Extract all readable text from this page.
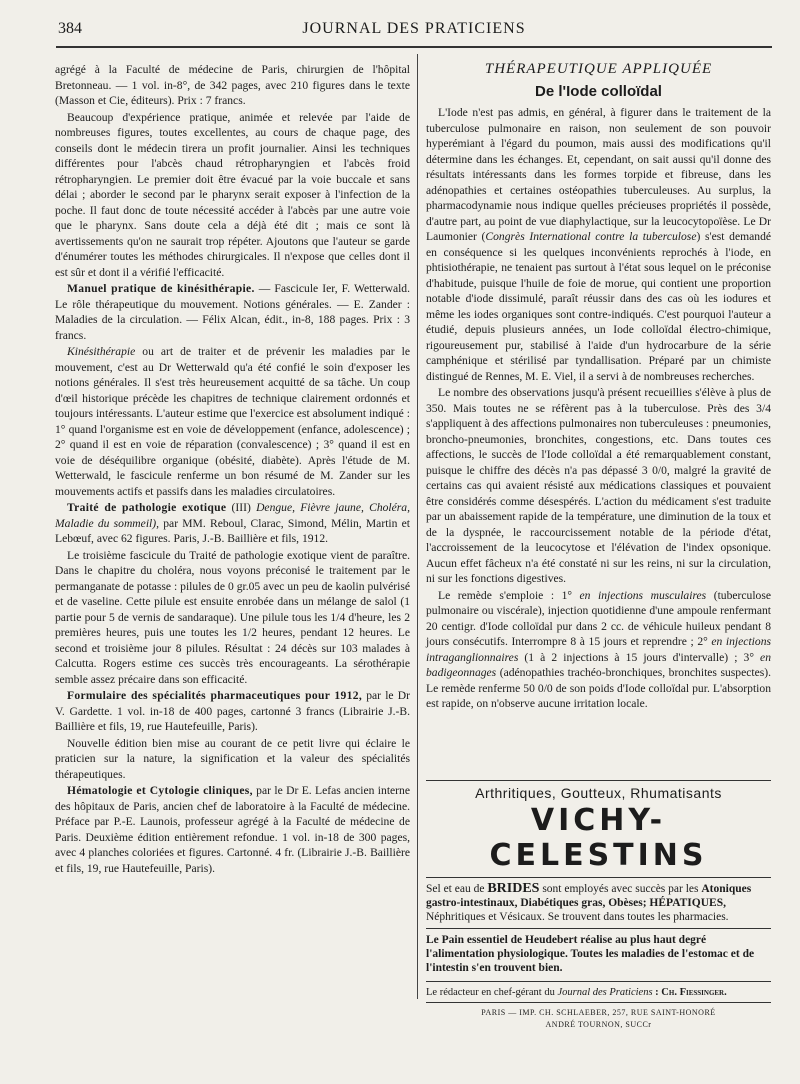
384	JOURNAL DES PRATICIENS

agrégé à la Faculté de médecine de Paris, chirurgien de l'hôpital Bretonneau. — 1 vol. in-8°, de 342 pages, avec 210 figures dans le texte (Masson et Cie, éditeurs). Prix : 7 francs.

Beaucoup d'expérience pratique, animée et relevée par l'aide de nombreuses figures, toutes excellentes, au cours de chaque page, des conseils dont le médecin tirera un profit journalier. Ainsi les techniques différentes pour l'abcès chaud rétropharyngien et l'abcès froid rétropharyngien. Le premier doit être évacué par la voie buccale et sans délai ; aborder le second par le pharynx serait exposer à l'infection de la poche. Il faut donc de toute nécessité accéder à l'abcès par une autre voie que le pharynx. Sans doute cela a déjà été dit ; mais ce sont là avertissements qu'on ne saurait trop répéter. Ajoutons que l'auteur se garde d'énumérer toutes les méthodes chirurgicales. Il n'expose que celles dont il est sûr et dont il a vérifié l'efficacité.

Manuel pratique de kinésithérapie. — Fascicule Ier, F. Wetterwald. Le rôle thérapeutique du mouvement. Notions générales. — E. Zander : Maladies de la circulation. — Félix Alcan, édit., in-8, 188 pages. Prix : 3 francs.

Kinésithérapie ou art de traiter et de prévenir les maladies par le mouvement, c'est au Dr Wetterwald qu'a été confié le soin d'exposer les notions générales. Il s'est très heureusement acquitté de sa tâche. Un coup d'œil historique précède les chapitres de technique clairement ordonnés et toujours intéressants. L'auteur estime que l'exercice est absolument indiqué : 1° quand l'organisme est en voie de développement (enfance, adolescence) ; 2° quand il est en voie de réparation (convalescence) ; 3° quand il est en voie de déséquilibre organique (obésité, diabète). Après l'étude de M. Wetterwald, le fascicule renferme un bon résumé de M. Zander sur les mouvements actifs et passifs dans les maladies circulatoires.

Traité de pathologie exotique (III) Dengue, Fièvre jaune, Choléra, Maladie du sommeil), par MM. Reboul, Clarac, Simond, Mélin, Martin et Lebœuf, avec 62 figures. Paris, J.-B. Baillière et fils, 1912.

Le troisième fascicule du Traité de pathologie exotique vient de paraître. Dans le chapitre du choléra, nous voyons préconisé le traitement par le permanganate de potasse : pilules de 0 gr.05 avec un peu de kaolin pulvérisé et de vaseline. Cette pilule est ensuite enrobée dans un mélange de salol (1 partie pour 5 de vernis de sandaraque). Une pilule tous les 1/4 d'heure, les 2 premières heures, puis une toutes les 1/2 heures, pendant 12 heures. Le second et troisième jour 8 pilules. Résultat : 24 décès sur 103 malades à Calcutta. Rogers estime ces succès très encourageants. La sérothérapie semble assez précaire dans son efficacité.

Formulaire des spécialités pharmaceutiques pour 1912, par le Dr V. Gardette. 1 vol. in-18 de 400 pages, cartonné 3 francs (Librairie J.-B. Baillière et fils, 19, rue Hautefeuille, Paris).

Nouvelle édition bien mise au courant de ce petit livre qui éclaire le praticien sur la nature, la signification et la valeur des spécialités thérapeutiques.

Hématologie et Cytologie cliniques, par le Dr E. Lefas ancien interne des hôpitaux de Paris, ancien chef de laboratoire à la Faculté de médecine. Préface par P.-E. Launois, professeur agrégé à la Faculté de médecine de Paris. Deuxième édition entièrement refondue. 1 vol. in-18 de 300 pages, avec 4 planches coloriées et figures. Cartonné. 4 fr. (Librairie J.-B. Baillière et fils, 19, rue Hautefeuille, Paris).

THÉRAPEUTIQUE APPLIQUÉE
De l'Iode colloïdal

L'Iode n'est pas admis, en général, à figurer dans le traitement de la tuberculose pulmonaire en raison, non seulement de son pouvoir hyperémiant à l'égard du poumon, mais aussi des modifications qu'il détermine dans les échanges. Et, cependant, on sait aussi qu'il donne des résultats intéressants dans les formes torpide et fibreuse, dans les adénopathies et certaines ostéopathies tuberculeuses. Au surplus, la pharmacodynamie nous indique quelles précieuses propriétés il possède, d'autre part, au point de vue diaphylactique, sur la leucocytopoïèse. Le Dr Laumonier (Congrès International contre la tuberculose) s'est demandé en conséquence si les quelques inconvénients reprochés à l'iode, en phtisiothérapie, ne tenaient pas surtout à l'état sous lequel on le préconise d'habitude, puisque l'huile de foie de morue, qui contient une proportion notable d'iode dissimulé, paraît réussir dans des cas où les iodures et même les iodes organiques sont contre-indiqués. C'est pourquoi l'auteur a étudié, depuis plusieurs années, un Iode colloïdal électro-chimique, rigoureusement pur, stabilisé à l'aide d'un hydrocarbure de la série camphénique et stérilisé par tyndallisation. Préparé par un chimiste distingué de Rennes, M. E. Viel, il a servi à de nombreuses recherches.

Le nombre des observations jusqu'à présent recueillies s'élève à plus de 350. Mais toutes ne se réfèrent pas à la tuberculose. Près des 3/4 s'appliquent à des affections pulmonaires non tuberculeuses : pneumonies, broncho-pneumonies, bronchites, congestions, etc. Dans toutes ces affections, le succès de l'Iode colloïdal a été remarquablement constant, puisque le chiffre des décès n'a pas dépassé 3 0/0, malgré la gravité de certains cas qui avaient résisté aux médications classiques et pouvaient être considérés comme désespérés. L'action du médicament s'est traduite par un abaissement rapide de la température, une diminution de la toux et de la dyspnée, le raccourcissement notable de la période d'état, l'accroissement de la leucocytose et l'élévation de l'index opsonique. Aucun effet fâcheux n'a été constaté ni sur les reins, ni sur la circulation, ni sur les fonctions digestives.

Le remède s'emploie : 1° en injections musculaires (tuberculose pulmonaire ou viscérale), injection quotidienne d'une ampoule renfermant 20 centigr. d'Iode colloïdal pur dans 2 cc. de véhicule huileux pendant 8 jours consécutifs. Interrompre 8 à 15 jours et reprendre ; 2° en injections intraganglionnaires (1 à 2 injections à 15 jours d'intervalle) ; 3° en badigeonnages (adénopathies trachéo-bronchiques, bronchites suspectes). Le remède renferme 50 0/0 de son poids d'Iode colloïdal pur. L'absorption est rapide, on n'observe aucune irritation locale.

Arthritiques, Goutteux, Rhumatisants
VICHY-CELESTINS
Sel et eau de BRIDES sont employés avec succès par les Atoniques gastro-intestinaux, Diabétiques gras, Obèses; HÉPATIQUES, Néphritiques et Vésicaux. Se trouvent dans toutes les pharmacies.
Le Pain essentiel de Heudebert réalise au plus haut degré l'alimentation physiologique. Toutes les maladies de l'estomac et de l'intestin s'en trouvent bien.
Le rédacteur en chef-gérant du Journal des Praticiens : Ch. Fiessinger.
PARIS — IMP. CH. SCHLAEBER, 257, RUE SAINT-HONORÉ
ANDRÉ TOURNON, SUCCr
